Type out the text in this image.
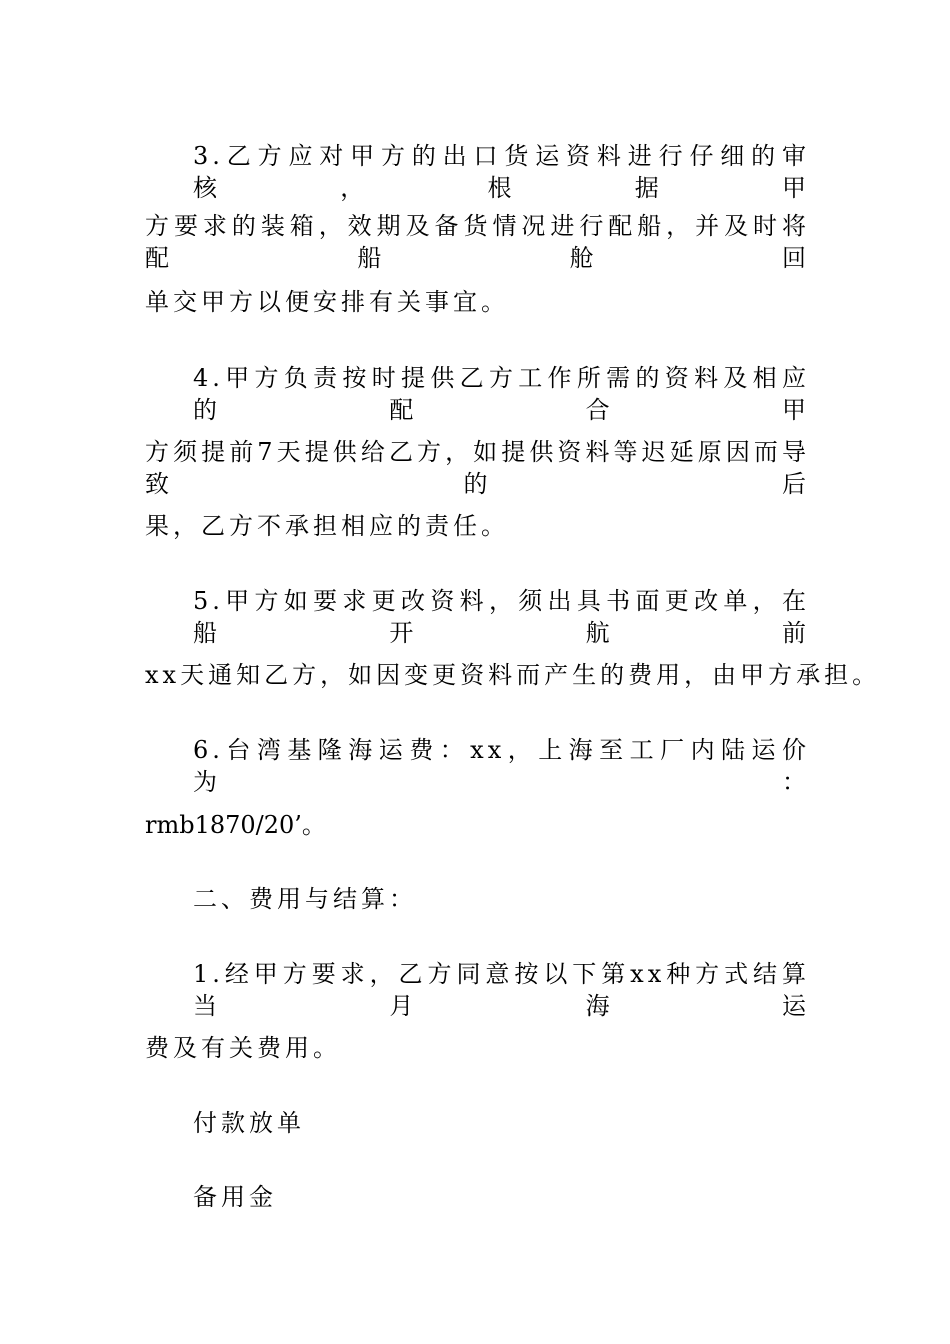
3.乙方应对甲方的出口货运资料进行仔细的审核，根据甲
方要求的装箱，效期及备货情况进行配船，并及时将配船舱回
单交甲方以便安排有关事宜。
4.甲方负责按时提供乙方工作所需的资料及相应的配合甲
方须提前7天提供给乙方，如提供资料等迟延原因而导致的后
果，乙方不承担相应的责任。
5.甲方如要求更改资料，须出具书面更改单，在船开航前
xx天通知乙方，如因变更资料而产生的费用，由甲方承担。
6.台湾基隆海运费：xx，上海至工厂内陆运价为：
rmb1870/20’。
二、费用与结算：
1.经甲方要求，乙方同意按以下第xx种方式结算当月海运
费及有关费用。
付款放单
备用金
